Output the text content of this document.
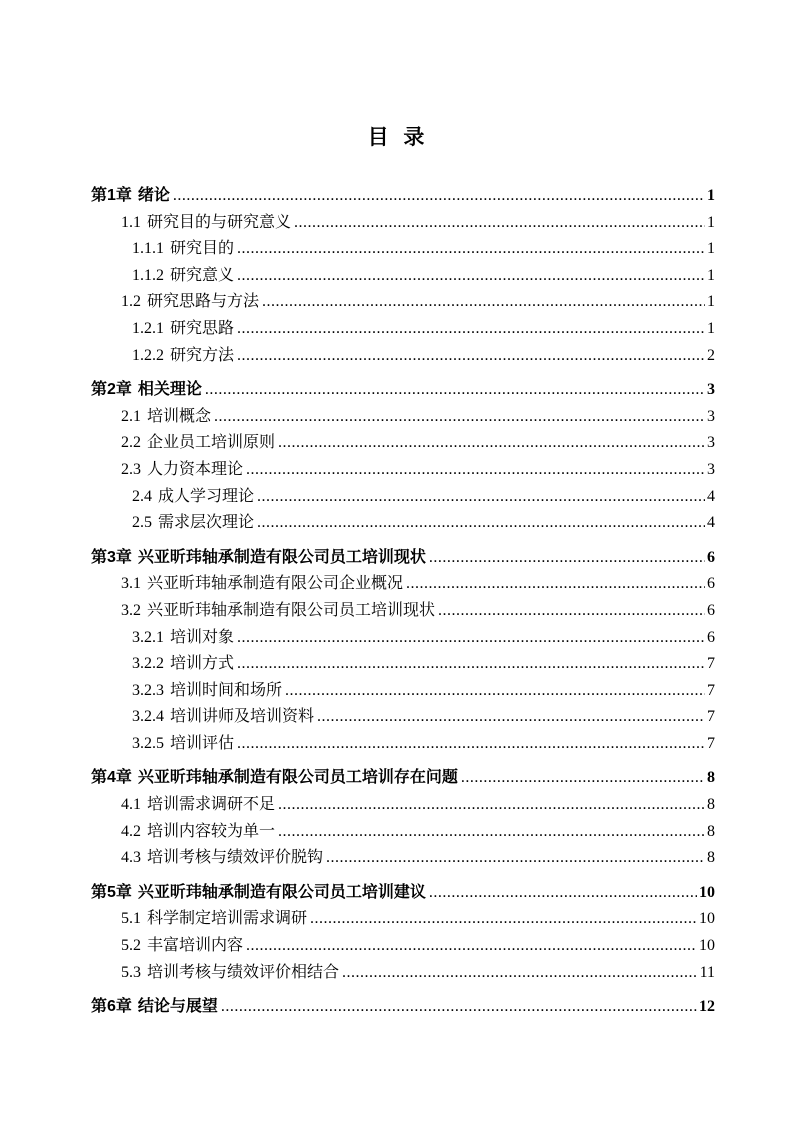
目  录
第1章 绪论 .....	1
1.1 研究目的与研究意义 .....	1
1.1.1 研究目的 .....	1
1.1.2 研究意义 .....	1
1.2 研究思路与方法 .....	1
1.2.1 研究思路 .....	1
1.2.2 研究方法 .....	2
第2章 相关理论 .....	3
2.1 培训概念 .....	3
2.2 企业员工培训原则 .....	3
2.3 人力资本理论 .....	3
2.4 成人学习理论 .....	4
2.5 需求层次理论 .....	4
第3章 兴亚昕玮轴承制造有限公司员工培训现状 .....	6
3.1 兴亚昕玮轴承制造有限公司企业概况 .....	6
3.2 兴亚昕玮轴承制造有限公司员工培训现状 .....	6
3.2.1 培训对象 .....	6
3.2.2 培训方式 .....	7
3.2.3 培训时间和场所 .....	7
3.2.4 培训讲师及培训资料 .....	7
3.2.5 培训评估 .....	7
第4章 兴亚昕玮轴承制造有限公司员工培训存在问题 .....	8
4.1 培训需求调研不足 .....	8
4.2 培训内容较为单一 .....	8
4.3 培训考核与绩效评价脱钩 .....	8
第5章 兴亚昕玮轴承制造有限公司员工培训建议 .....	10
5.1 科学制定培训需求调研 .....	10
5.2 丰富培训内容 .....	10
5.3 培训考核与绩效评价相结合 .....	11
第6章 结论与展望 .....	12
